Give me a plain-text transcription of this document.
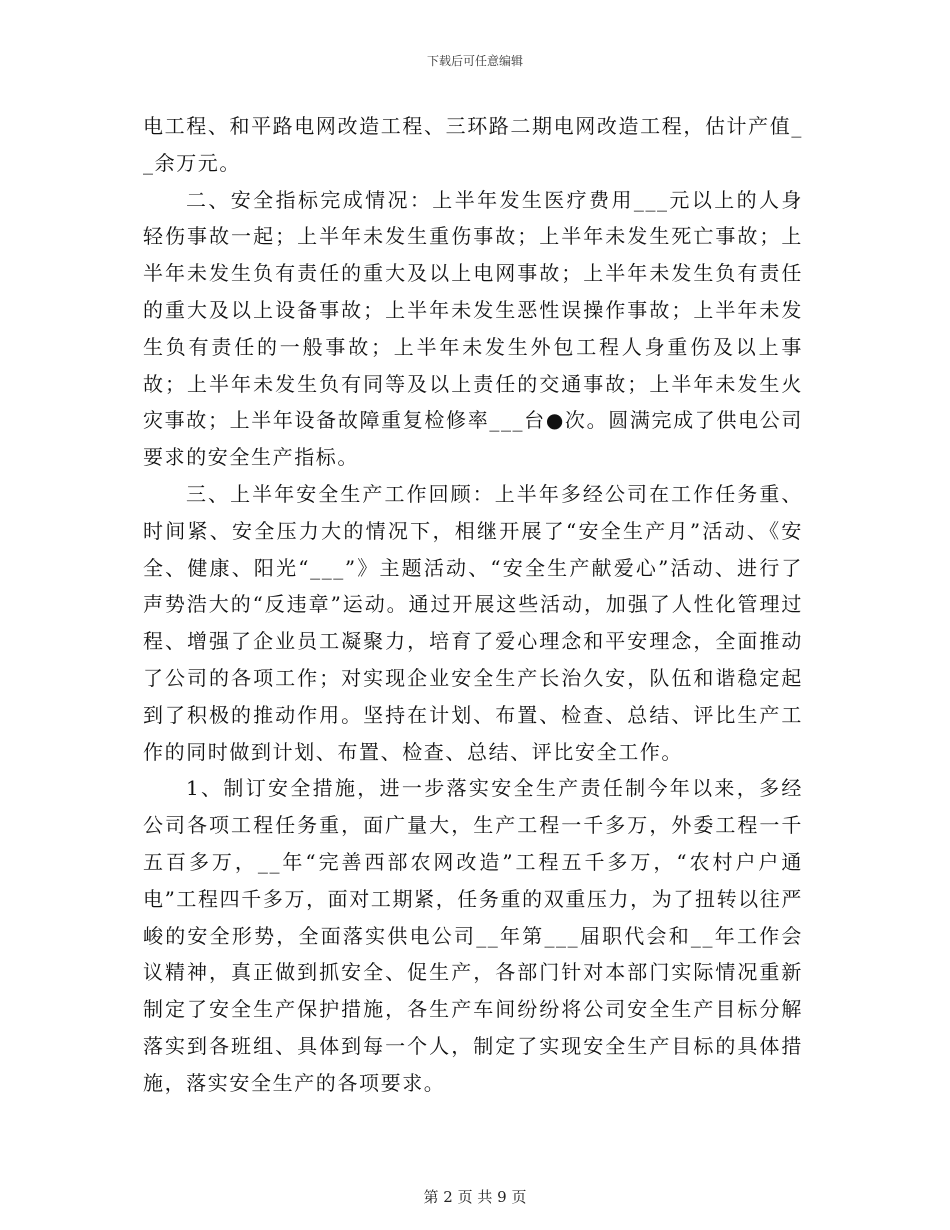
下载后可任意编辑

电工程、和平路电网改造工程、三环路二期电网改造工程，估计产值__余万元。

二、安全指标完成情况：上半年发生医疗费用___元以上的人身轻伤事故一起；上半年未发生重伤事故；上半年未发生死亡事故；上半年未发生负有责任的重大及以上电网事故；上半年未发生负有责任的重大及以上设备事故；上半年未发生恶性误操作事故；上半年未发生负有责任的一般事故；上半年未发生外包工程人身重伤及以上事故；上半年未发生负有同等及以上责任的交通事故；上半年未发生火灾事故；上半年设备故障重复检修率___台●次。圆满完成了供电公司要求的安全生产指标。

三、上半年安全生产工作回顾：上半年多经公司在工作任务重、时间紧、安全压力大的情况下，相继开展了“安全生产月”活动、《安全、健康、阳光“___”》主题活动、“安全生产献爱心”活动、进行了声势浩大的“反违章”运动。通过开展这些活动，加强了人性化管理过程、增强了企业员工凝聚力，培育了爱心理念和平安理念，全面推动了公司的各项工作；对实现企业安全生产长治久安，队伍和谐稳定起到了积极的推动作用。坚持在计划、布置、检查、总结、评比生产工作的同时做到计划、布置、检查、总结、评比安全工作。

1、制订安全措施，进一步落实安全生产责任制今年以来，多经公司各项工程任务重，面广量大，生产工程一千多万，外委工程一千五百多万，__年“完善西部农网改造”工程五千多万，“农村户户通电”工程四千多万，面对工期紧，任务重的双重压力，为了扭转以往严峻的安全形势，全面落实供电公司__年第___届职代会和__年工作会议精神，真正做到抓安全、促生产，各部门针对本部门实际情况重新制定了安全生产保护措施，各生产车间纷纷将公司安全生产目标分解落实到各班组、具体到每一个人，制定了实现安全生产目标的具体措施，落实安全生产的各项要求。

第 2 页 共 9 页
